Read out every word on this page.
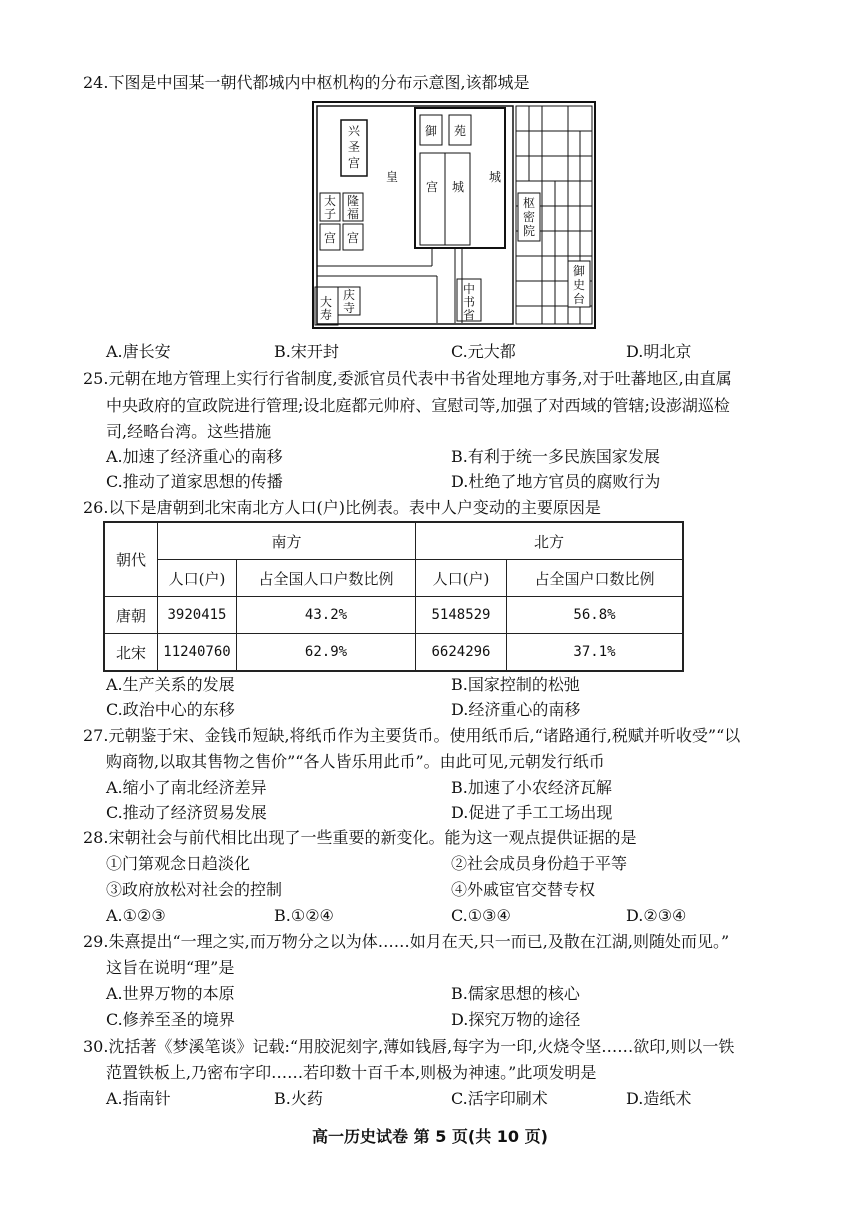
24.下图是中国某一朝代都城内中枢机构的分布示意图,该都城是
兴
圣
宫
御 苑
皇
宫 城
城
太
子
隆
福
宫 宫
枢
密
院
御
史
台
中
书
省
庆
寺
大
寿
A.唐长安	B.宋开封	C.元大都	D.明北京
25.元朝在地方管理上实行行省制度,委派官员代表中书省处理地方事务,对于吐蕃地区,由直属
中央政府的宣政院进行管理;设北庭都元帅府、宣慰司等,加强了对西域的管辖;设澎湖巡检
司,经略台湾。这些措施
A.加速了经济重心的南移	B.有利于统一多民族国家发展
C.推动了道家思想的传播	D.杜绝了地方官员的腐败行为
26.以下是唐朝到北宋南北方人口(户)比例表。表中人户变动的主要原因是
朝代	南方		北方	
	人口(户)	占全国人口户数比例	人口(户)	占全国户口数比例
唐朝	3920415	43.2%	5148529	56.8%
北宋	11240760	62.9%	6624296	37.1%
A.生产关系的发展	B.国家控制的松弛
C.政治中心的东移	D.经济重心的南移
27.元朝鉴于宋、金钱币短缺,将纸币作为主要货币。使用纸币后,“诸路通行,税赋并听收受”“以
购商物,以取其售物之售价”“各人皆乐用此币”。由此可见,元朝发行纸币
A.缩小了南北经济差异	B.加速了小农经济瓦解
C.推动了经济贸易发展	D.促进了手工工场出现
28.宋朝社会与前代相比出现了一些重要的新变化。能为这一观点提供证据的是
①门第观念日趋淡化	②社会成员身份趋于平等
③政府放松对社会的控制	④外戚宦官交替专权
A.①②③	B.①②④	C.①③④	D.②③④
29.朱熹提出“一理之实,而万物分之以为体……如月在天,只一而已,及散在江湖,则随处而见。”
这旨在说明“理”是
A.世界万物的本原	B.儒家思想的核心
C.修养至圣的境界	D.探究万物的途径
30.沈括著《梦溪笔谈》记载:“用胶泥刻字,薄如钱唇,每字为一印,火烧令坚……欲印,则以一铁
范置铁板上,乃密布字印……若印数十百千本,则极为神速。”此项发明是
A.指南针	B.火药	C.活字印刷术	D.造纸术
高一历史试卷 第 5 页(共 10 页)
